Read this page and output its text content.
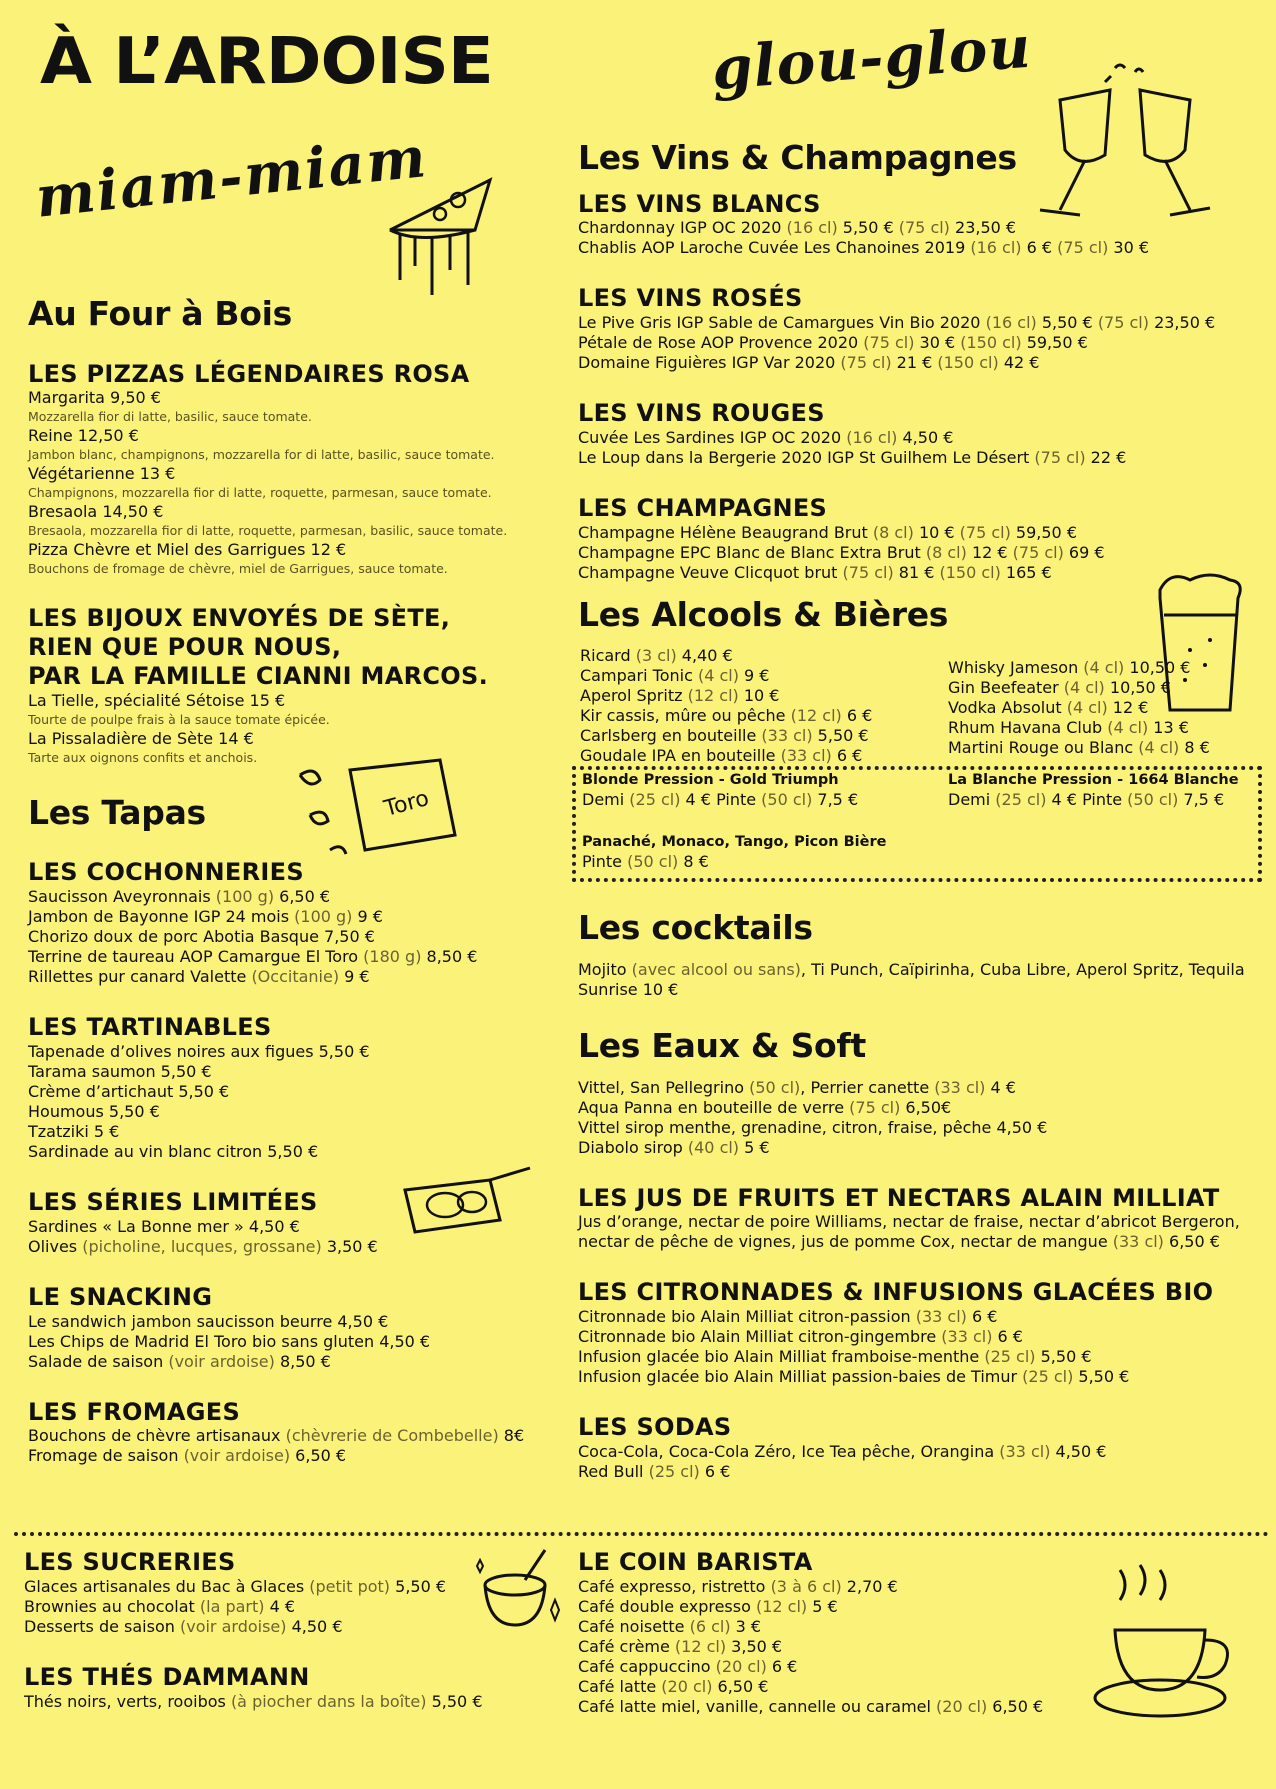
À L’ARDOISE
miam-miam
glou-glou
Toro
Au Four à Bois
LES PIZZAS LÉGENDAIRES ROSA
Margarita 9,50 €
Mozzarella fior di latte, basilic, sauce tomate.
Reine 12,50 €
Jambon blanc, champignons, mozzarella for di latte, basilic, sauce tomate.
Végétarienne 13 €
Champignons, mozzarella fior di latte, roquette, parmesan, sauce tomate.
Bresaola 14,50 €
Bresaola, mozzarella fior di latte, roquette, parmesan, basilic, sauce tomate.
Pizza Chèvre et Miel des Garrigues 12 €
Bouchons de fromage de chèvre, miel de Garrigues, sauce tomate.
LES BIJOUX ENVOYÉS DE SÈTE,
RIEN QUE POUR NOUS,
PAR LA FAMILLE CIANNI MARCOS.
La Tielle, spécialité Sétoise 15 €
Tourte de poulpe frais à la sauce tomate épicée.
La Pissaladière de Sète 14 €
Tarte aux oignons confits et anchois.
Les Tapas
LES COCHONNERIES
Saucisson Aveyronnais (100 g) 6,50 €
Jambon de Bayonne IGP 24 mois (100 g) 9 €
Chorizo doux de porc Abotia Basque 7,50 €
Terrine de taureau AOP Camargue El Toro (180 g) 8,50 €
Rillettes pur canard Valette (Occitanie) 9 €
LES TARTINABLES
Tapenade d’olives noires aux figues 5,50 €
Tarama saumon 5,50 €
Crème d’artichaut 5,50 €
Houmous 5,50 €
Tzatziki 5 €
Sardinade au vin blanc citron 5,50 €
LES SÉRIES LIMITÉES
Sardines « La Bonne mer » 4,50 €
Olives (picholine, lucques, grossane) 3,50 €
LE SNACKING
Le sandwich jambon saucisson beurre 4,50 €
Les Chips de Madrid El Toro bio sans gluten 4,50 €
Salade de saison (voir ardoise) 8,50 €
LES FROMAGES
Bouchons de chèvre artisanaux (chèvrerie de Combebelle) 8€
Fromage de saison (voir ardoise) 6,50 €
Les Vins & Champagnes
LES VINS BLANCS
Chardonnay IGP OC 2020 (16 cl) 5,50 € (75 cl) 23,50 €
Chablis AOP Laroche Cuvée Les Chanoines 2019 (16 cl) 6 € (75 cl) 30 €
LES VINS ROSÉS
Le Pive Gris IGP Sable de Camargues Vin Bio 2020 (16 cl) 5,50 € (75 cl) 23,50 €
Pétale de Rose AOP Provence 2020 (75 cl) 30 € (150 cl) 59,50 €
Domaine Figuières IGP Var 2020 (75 cl) 21 € (150 cl) 42 €
LES VINS ROUGES
Cuvée Les Sardines IGP OC 2020 (16 cl) 4,50 €
Le Loup dans la Bergerie 2020 IGP St Guilhem Le Désert (75 cl) 22 €
LES CHAMPAGNES
Champagne Hélène Beaugrand Brut (8 cl) 10 € (75 cl) 59,50 €
Champagne EPC Blanc de Blanc Extra Brut (8 cl) 12 € (75 cl) 69 €
Champagne Veuve Clicquot brut (75 cl) 81 € (150 cl) 165 €
Les Alcools & Bières
Ricard (3 cl) 4,40 €
Campari Tonic (4 cl) 9 €
Aperol Spritz (12 cl) 10 €
Kir cassis, mûre ou pêche (12 cl) 6 €
Carlsberg en bouteille (33 cl) 5,50 €
Goudale IPA en bouteille (33 cl) 6 €
Whisky Jameson (4 cl) 10,50 €
Gin Beefeater (4 cl) 10,50 €
Vodka Absolut (4 cl) 12 €
Rhum Havana Club (4 cl) 13 €
Martini Rouge ou Blanc (4 cl) 8 €
Blonde Pression - Gold Triumph
Demi (25 cl) 4 € Pinte (50 cl) 7,5 €
La Blanche Pression - 1664 Blanche
Demi (25 cl) 4 € Pinte (50 cl) 7,5 €
Panaché, Monaco, Tango, Picon Bière
Pinte (50 cl) 8 €
Les cocktails
Mojito (avec alcool ou sans), Ti Punch, Caïpirinha, Cuba Libre, Aperol Spritz, Tequila
Sunrise 10 €
Les Eaux & Soft
Vittel, San Pellegrino (50 cl), Perrier canette (33 cl) 4 €
Aqua Panna en bouteille de verre (75 cl) 6,50€
Vittel sirop menthe, grenadine, citron, fraise, pêche 4,50 €
Diabolo sirop (40 cl) 5 €
LES JUS DE FRUITS ET NECTARS ALAIN MILLIAT
Jus d’orange, nectar de poire Williams, nectar de fraise, nectar d’abricot Bergeron,
nectar de pêche de vignes, jus de pomme Cox, nectar de mangue (33 cl) 6,50 €
LES CITRONNADES & INFUSIONS GLACÉES BIO
Citronnade bio Alain Milliat citron-passion (33 cl) 6 €
Citronnade bio Alain Milliat citron-gingembre (33 cl) 6 €
Infusion glacée bio Alain Milliat framboise-menthe (25 cl) 5,50 €
Infusion glacée bio Alain Milliat passion-baies de Timur (25 cl) 5,50 €
LES SODAS
Coca-Cola, Coca-Cola Zéro, Ice Tea pêche, Orangina (33 cl) 4,50 €
Red Bull (25 cl) 6 €
LES SUCRERIES
Glaces artisanales du Bac à Glaces (petit pot) 5,50 €
Brownies au chocolat (la part) 4 €
Desserts de saison (voir ardoise) 4,50 €
LES THÉS DAMMANN
Thés noirs, verts, rooibos (à piocher dans la boîte) 5,50 €
LE COIN BARISTA
Café expresso, ristretto (3 à 6 cl) 2,70 €
Café double expresso (12 cl) 5 €
Café noisette (6 cl) 3 €
Café crème (12 cl) 3,50 €
Café cappuccino (20 cl) 6 €
Café latte (20 cl) 6,50 €
Café latte miel, vanille, cannelle ou caramel (20 cl) 6,50 €
